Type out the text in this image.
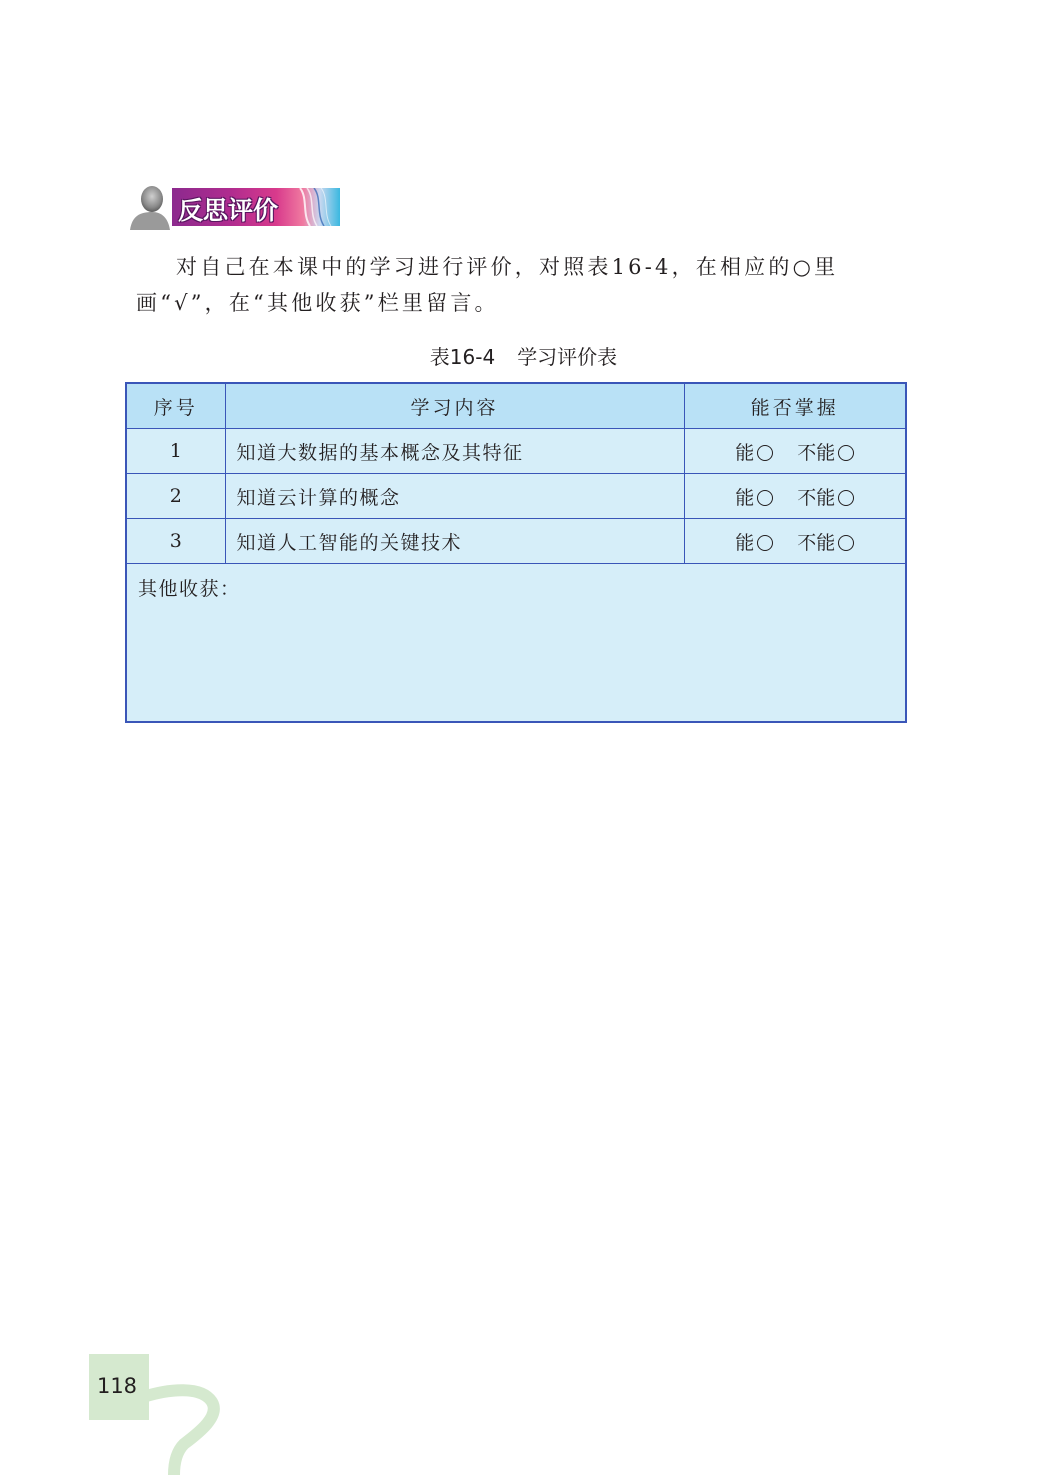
反思评价

对自己在本课中的学习进行评价，对照表16-4，在相应的○里画“√”，在“其他收获”栏里留言。

表16-4 学习评价表

序号	学习内容	能否掌握
1	知道大数据的基本概念及其特征	能 不能
2	知道云计算的概念	能 不能
3	知道人工智能的关键技术	能 不能
其他收获：		
118
